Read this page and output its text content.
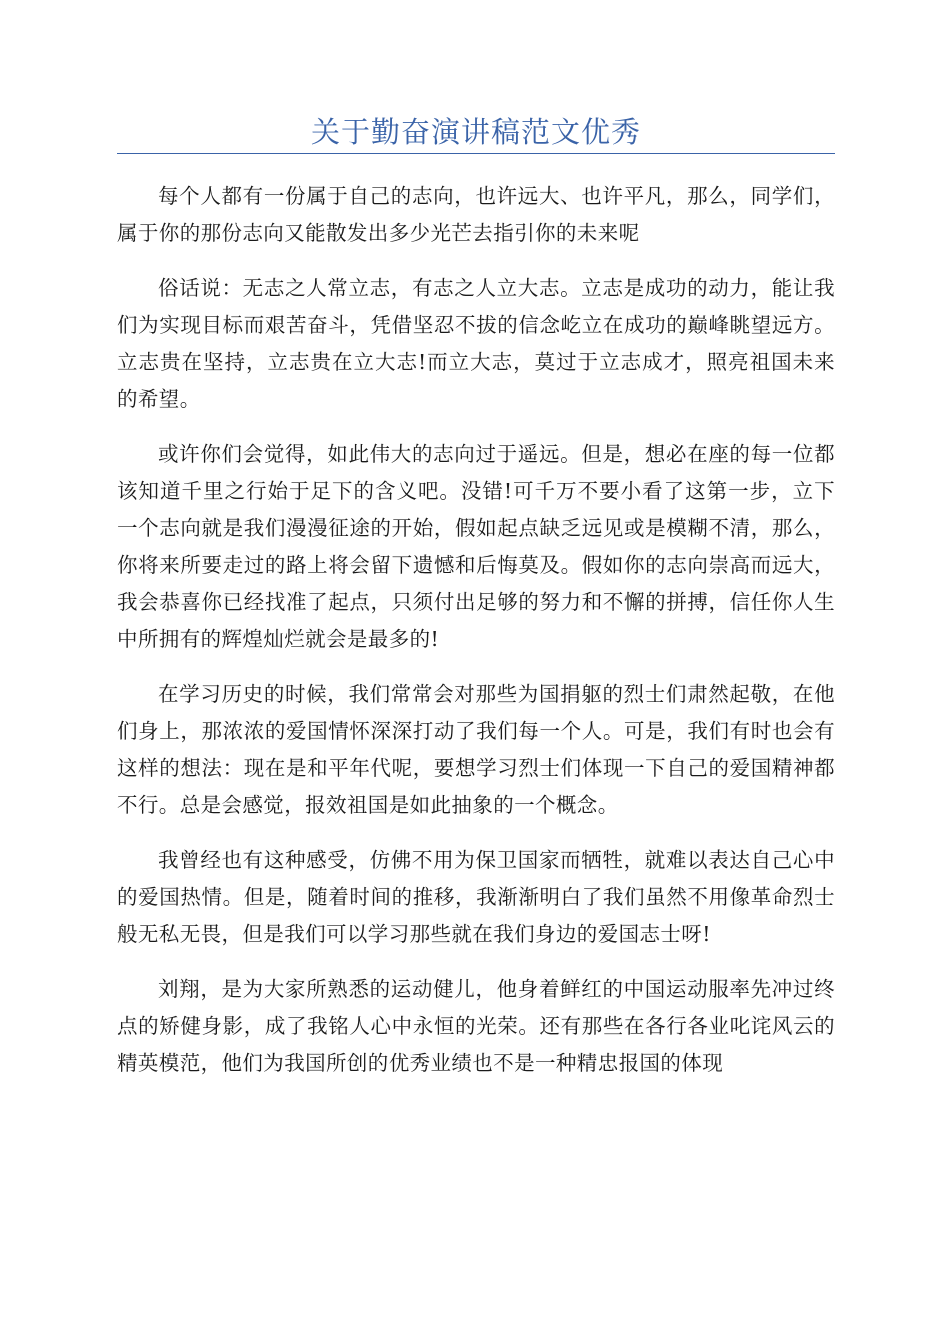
关于勤奋演讲稿范文优秀

每个人都有一份属于自己的志向，也许远大、也许平凡，那么，同学们，属于你的那份志向又能散发出多少光芒去指引你的未来呢

俗话说：无志之人常立志，有志之人立大志。立志是成功的动力，能让我们为实现目标而艰苦奋斗，凭借坚忍不拔的信念屹立在成功的巅峰眺望远方。立志贵在坚持，立志贵在立大志!而立大志，莫过于立志成才，照亮祖国未来的希望。

或许你们会觉得，如此伟大的志向过于遥远。但是，想必在座的每一位都该知道千里之行始于足下的含义吧。没错!可千万不要小看了这第一步，立下一个志向就是我们漫漫征途的开始，假如起点缺乏远见或是模糊不清，那么，你将来所要走过的路上将会留下遗憾和后悔莫及。假如你的志向崇高而远大，我会恭喜你已经找准了起点，只须付出足够的努力和不懈的拼搏，信任你人生中所拥有的辉煌灿烂就会是最多的!

在学习历史的时候，我们常常会对那些为国捐躯的烈士们肃然起敬，在他们身上，那浓浓的爱国情怀深深打动了我们每一个人。可是，我们有时也会有这样的想法：现在是和平年代呢，要想学习烈士们体现一下自己的爱国精神都不行。总是会感觉，报效祖国是如此抽象的一个概念。

我曾经也有这种感受，仿佛不用为保卫国家而牺牲，就难以表达自己心中的爱国热情。但是，随着时间的推移，我渐渐明白了我们虽然不用像革命烈士般无私无畏，但是我们可以学习那些就在我们身边的爱国志士呀!

刘翔，是为大家所熟悉的运动健儿，他身着鲜红的中国运动服率先冲过终点的矫健身影，成了我铭人心中永恒的光荣。还有那些在各行各业叱诧风云的精英模范，他们为我国所创的优秀业绩也不是一种精忠报国的体现
